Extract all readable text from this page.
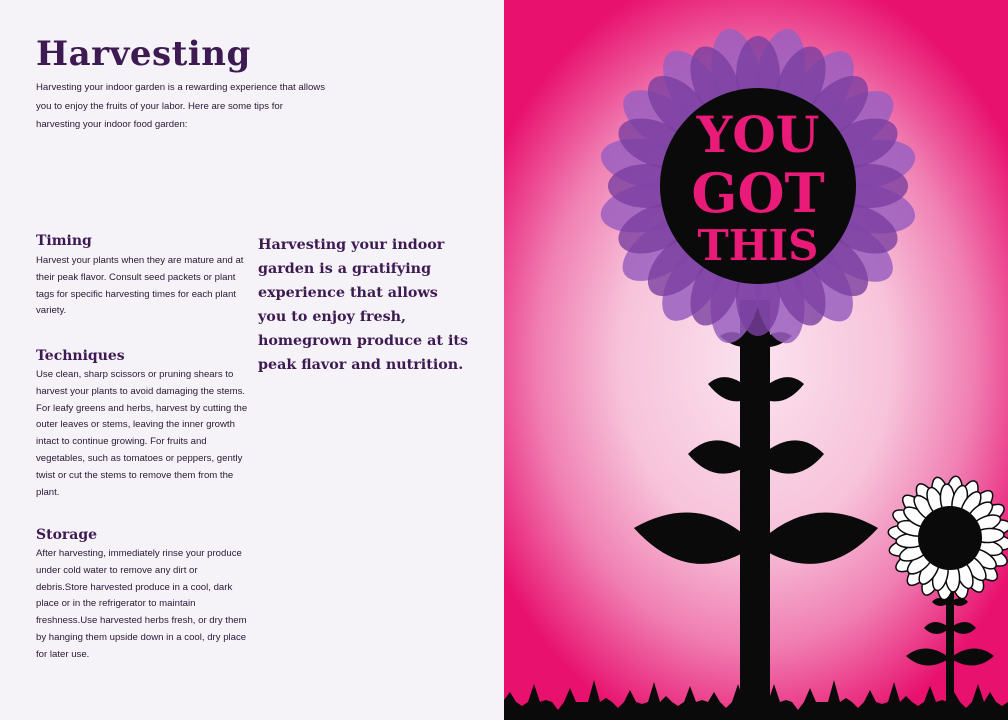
Harvesting

Harvesting your indoor garden is a rewarding experience that allows you to enjoy the fruits of your labor. Here are some tips for harvesting your indoor food garden:

Timing

Harvest your plants when they are mature and at their peak flavor. Consult seed packets or plant tags for specific harvesting times for each plant variety.

Techniques

Use clean, sharp scissors or pruning shears to harvest your plants to avoid damaging the stems. For leafy greens and herbs, harvest by cutting the outer leaves or stems, leaving the inner growth intact to continue growing. For fruits and vegetables, such as tomatoes or peppers, gently twist or cut the stems to remove them from the plant.

Storage

After harvesting, immediately rinse your produce under cold water to remove any dirt or debris.Store harvested produce in a cool, dark place or in the refrigerator to maintain freshness.Use harvested herbs fresh, or dry them by hanging them upside down in a cool, dry place for later use.

Harvesting your indoor garden is a gratifying experience that allows you to enjoy fresh, homegrown produce at its peak flavor and nutrition.

YOU
GOT
THIS
